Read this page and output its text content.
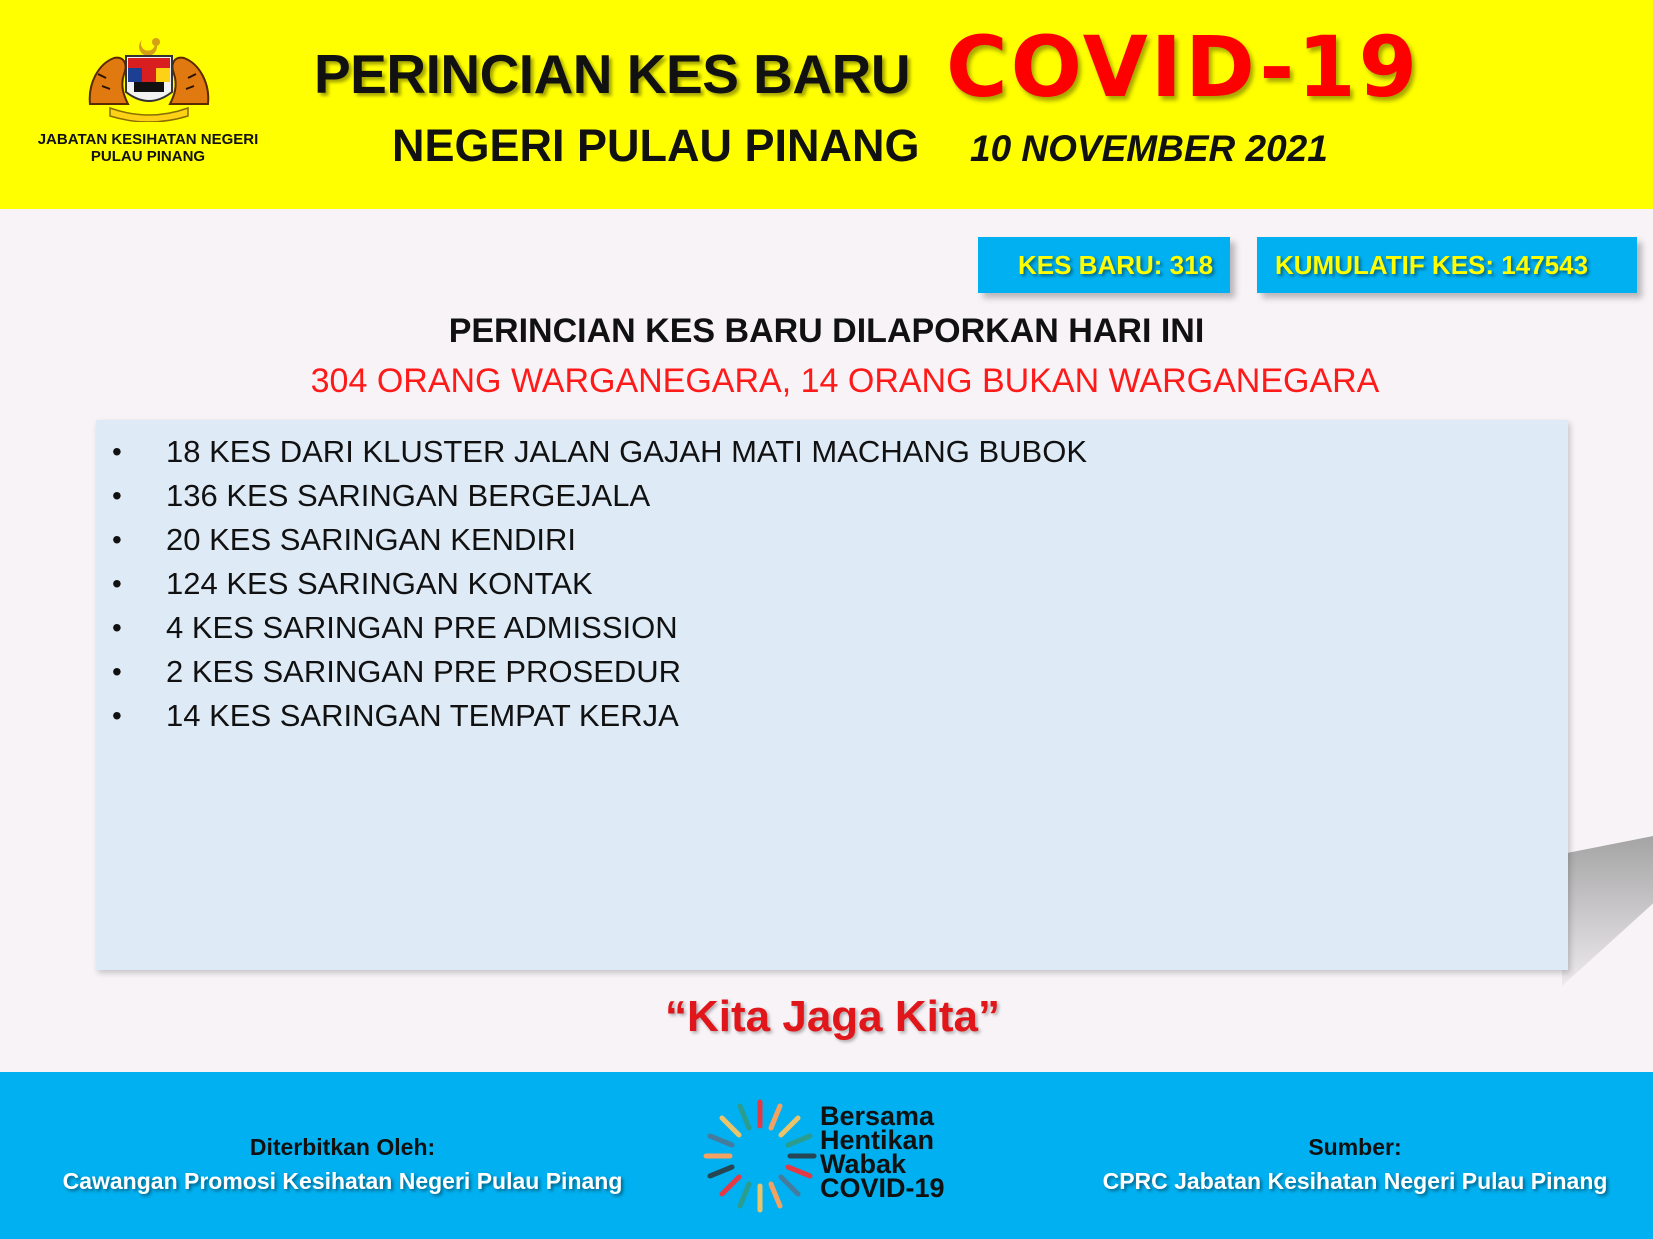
JABATAN KESIHATAN NEGERI
PULAU PINANG
PERINCIAN KES BARU COVID-19
NEGERI PULAU PINANG 10 NOVEMBER 2021
KES BARU: 318	KUMULATIF KES: 147543
PERINCIAN KES BARU DILAPORKAN HARI INI
304 ORANG WARGANEGARA, 14 ORANG BUKAN WARGANEGARA
• 18 KES DARI KLUSTER JALAN GAJAH MATI MACHANG BUBOK
• 136 KES SARINGAN BERGEJALA
• 20 KES SARINGAN KENDIRI
• 124 KES SARINGAN KONTAK
• 4 KES SARINGAN PRE ADMISSION
• 2 KES SARINGAN PRE PROSEDUR
• 14 KES SARINGAN TEMPAT KERJA
“Kita Jaga Kita”
Diterbitkan Oleh:
Cawangan Promosi Kesihatan Negeri Pulau Pinang
Bersama
Hentikan
Wabak
COVID-19
Sumber:
CPRC Jabatan Kesihatan Negeri Pulau Pinang
